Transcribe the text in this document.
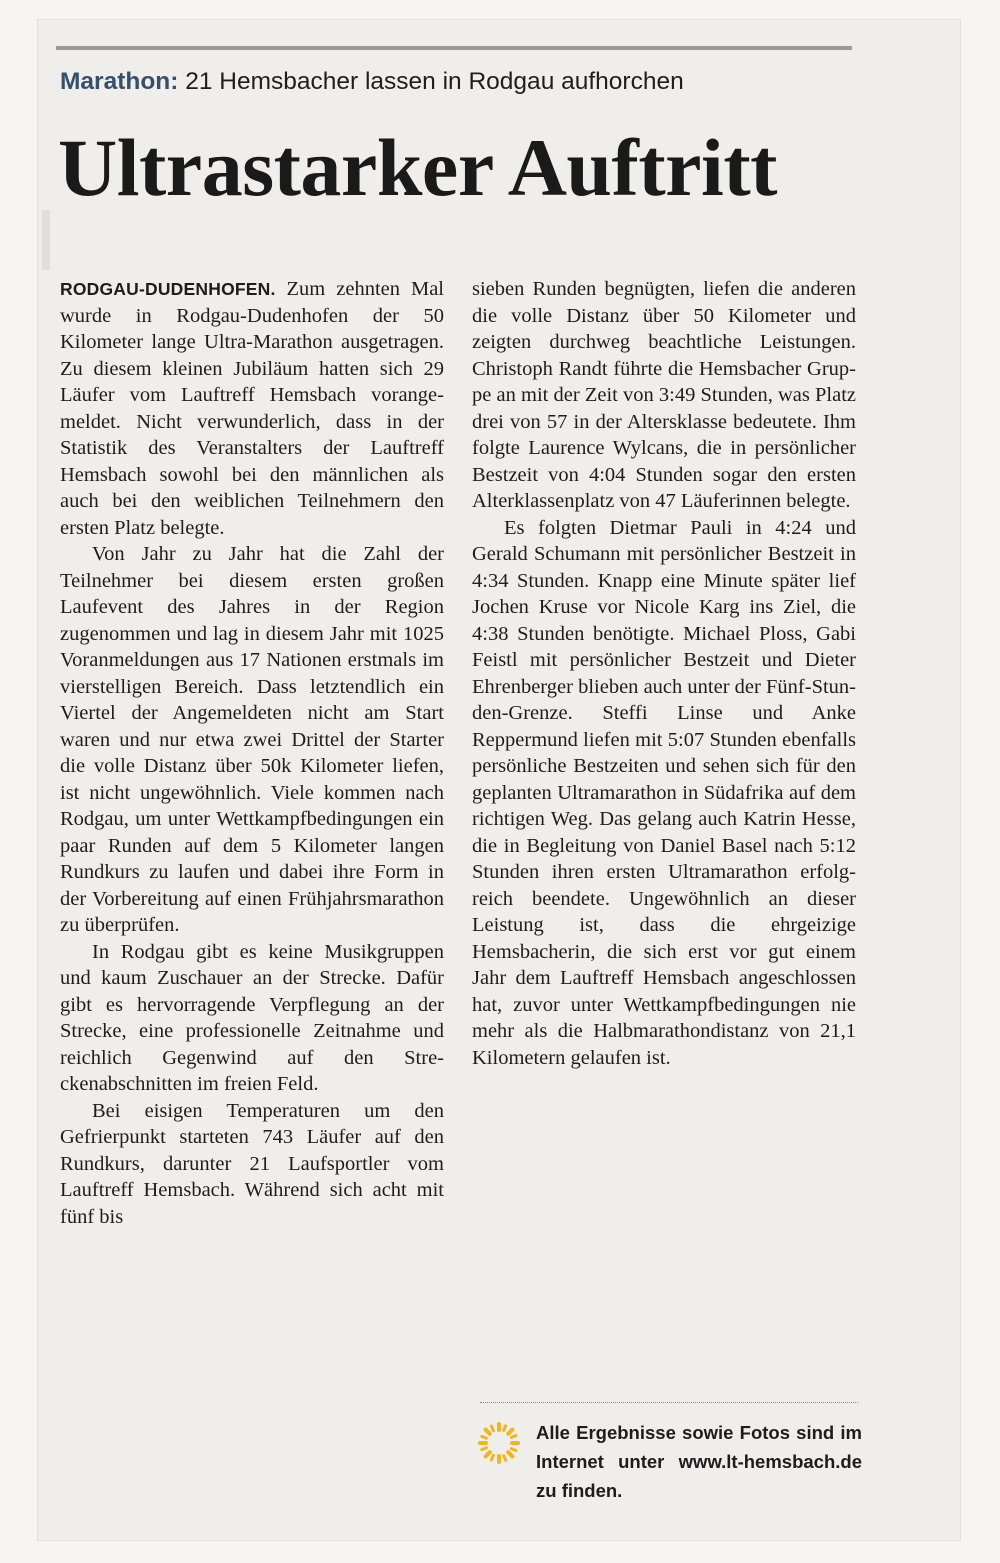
Marathon: 21 Hemsbacher lassen in Rodgau aufhorchen
Ultrastarker Auftritt

RODGAU-DUDENHOFEN. Zum zehnten Mal wurde in Rodgau-Dudenhofen der 50 Kilometer lange Ultra-Marathon ausgetragen. Zu diesem kleinen Jubiläum hatten sich 29 Läufer vom Lauftreff Hemsbach vorangemeldet. Nicht verwunderlich, dass in der Statistik des Veranstalters der Lauftreff Hemsbach sowohl bei den männlichen als auch bei den weiblichen Teilnehmern den ersten Platz belegte.

Von Jahr zu Jahr hat die Zahl der Teilnehmer bei diesem ersten großen Laufevent des Jahres in der Region zugenommen und lag in diesem Jahr mit 1025 Voranmeldungen aus 17 Nationen erstmals im vierstelligen Bereich. Dass letztendlich ein Viertel der Angemeldeten nicht am Start waren und nur etwa zwei Drittel der Starter die volle Distanz über 50k Kilometer liefen, ist nicht ungewöhnlich. Viele kommen nach Rodgau, um unter Wettkampfbedingungen ein paar Runden auf dem 5 Kilometer langen Rundkurs zu laufen und dabei ihre Form in der Vorbereitung auf einen Frühjahrsmarathon zu überprüfen.

In Rodgau gibt es keine Musikgruppen und kaum Zuschauer an der Strecke. Dafür gibt es hervorragende Verpflegung an der Strecke, eine professionelle Zeitnahme und reichlich Gegenwind auf den Streckenabschnitten im freien Feld.

Bei eisigen Temperaturen um den Gefrierpunkt starteten 743 Läufer auf den Rundkurs, darunter 21 Laufsportler vom Lauftreff Hemsbach. Während sich acht mit fünf bis

sieben Runden begnügten, liefen die anderen die volle Distanz über 50 Kilometer und zeigten durchweg beachtliche Leistungen. Christoph Randt führte die Hemsbacher Gruppe an mit der Zeit von 3:49 Stunden, was Platz drei von 57 in der Altersklasse bedeutete. Ihm folgte Laurence Wylcans, die in persönlicher Bestzeit von 4:04 Stunden sogar den ersten Alterklassenplatz von 47 Läuferinnen belegte.

Es folgten Dietmar Pauli in 4:24 und Gerald Schumann mit persönlicher Bestzeit in 4:34 Stunden. Knapp eine Minute später lief Jochen Kruse vor Nicole Karg ins Ziel, die 4:38 Stunden benötigte. Michael Ploss, Gabi Feistl mit persönlicher Bestzeit und Dieter Ehrenberger blieben auch unter der Fünf-Stunden-Grenze. Steffi Linse und Anke Reppermund liefen mit 5:07 Stunden ebenfalls persönliche Bestzeiten und sehen sich für den geplanten Ultramarathon in Südafrika auf dem richtigen Weg. Das gelang auch Katrin Hesse, die in Begleitung von Daniel Basel nach 5:12 Stunden ihren ersten Ultramarathon erfolgreich beendete. Ungewöhnlich an dieser Leistung ist, dass die ehrgeizige Hemsbacherin, die sich erst vor gut einem Jahr dem Lauftreff Hemsbach angeschlossen hat, zuvor unter Wettkampfbedingungen nie mehr als die Halbmarathondistanz von 21,1 Kilometern gelaufen ist.

Alle Ergebnisse sowie Fotos sind im Internet unter www.lt-hemsbach.de zu finden.
